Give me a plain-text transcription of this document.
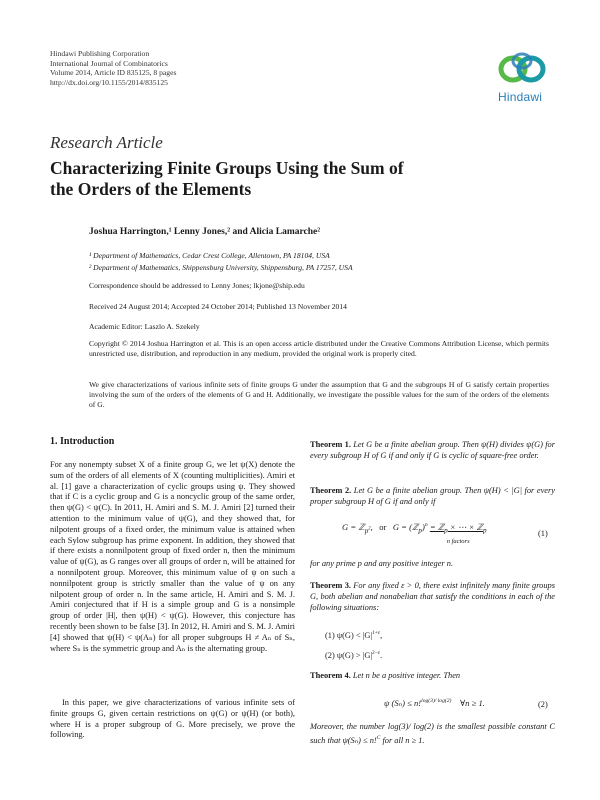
Hindawi Publishing Corporation
International Journal of Combinatorics
Volume 2014, Article ID 835125, 8 pages
http://dx.doi.org/10.1155/2014/835125
Hindawi
Research Article
Characterizing Finite Groups Using the Sum of
the Orders of the Elements
Joshua Harrington,¹ Lenny Jones,² and Alicia Lamarche²
¹ Department of Mathematics, Cedar Crest College, Allentown, PA 18104, USA
² Department of Mathematics, Shippensburg University, Shippensburg, PA 17257, USA
Correspondence should be addressed to Lenny Jones; lkjone@ship.edu
Received 24 August 2014; Accepted 24 October 2014; Published 13 November 2014
Academic Editor: Laszlo A. Szekely
Copyright © 2014 Joshua Harrington et al. This is an open access article distributed under the Creative Commons Attribution License, which permits unrestricted use, distribution, and reproduction in any medium, provided the original work is properly cited.
We give characterizations of various infinite sets of finite groups G under the assumption that G and the subgroups H of G satisfy certain properties involving the sum of the orders of the elements of G and H. Additionally, we investigate the possible values for the sum of the orders of the elements of G.
1. Introduction
For any nonempty subset X of a finite group G, we let ψ(X) denote the sum of the orders of all elements of X (counting multiplicities). Amiri et al. [1] gave a characterization of cyclic groups using ψ. They showed that if C is a cyclic group and G is a noncyclic group of the same order, then ψ(G) < ψ(C). In 2011, H. Amiri and S. M. J. Amiri [2] turned their attention to the minimum value of ψ(G), and they showed that, for nilpotent groups of a fixed order, the minimum value is attained when each Sylow subgroup has prime exponent. In addition, they showed that if there exists a nonnilpotent group of fixed order n, then the minimum value of ψ(G), as G ranges over all groups of order n, will be attained for a nonnilpotent group. Moreover, this minimum value of ψ on such a nonnilpotent group is strictly smaller than the value of ψ on any nilpotent group of order n. In the same article, H. Amiri and S. M. J. Amiri conjectured that if H is a simple group and G is a nonsimple group of order |H|, then ψ(H) < ψ(G). However, this conjecture has recently been shown to be false [3]. In 2012, H. Amiri and S. M. J. Amiri [4] showed that ψ(H) < ψ(Aₙ) for all proper subgroups H ≠ Aₙ of Sₙ, where Sₙ is the symmetric group and Aₙ is the alternating group.
In this paper, we give characterizations of various infinite sets of finite groups G, given certain restrictions on ψ(G) or ψ(H) (or both), where H is a proper subgroup of G. More precisely, we prove the following.
Theorem 1. Let G be a finite abelian group. Then ψ(H) divides ψ(G) for every subgroup H of G if and only if G is cyclic of square-free order.
Theorem 2. Let G be a finite abelian group. Then ψ(H) < |G| for every proper subgroup H of G if and only if
G = ℤ$_{p^2}$,   or G = (ℤ$_p$)$^n$ = ℤ$_p$ × ⋯ × ℤ$_p$
n factors
(1)
for any prime p and any positive integer n.
Theorem 3. For any fixed ε > 0, there exist infinitely many finite groups G, both abelian and nonabelian that satisfy the conditions in each of the following situations:
(1) $\psi(G) < |G|^{1+\varepsilon}$,
(2) $\psi(G) > |G|^{2-\varepsilon}$.
Theorem 4. Let n be a positive integer. Then
ψ (Sₙ) ≤ n!$^{log(3)/ log(2)}$ ∀n ≥ 1.	(2)
Moreover, the number log(3)/ log(2) is the smallest possible constant C such that ψ(Sₙ) ≤ n!$^C$ for all n ≥ 1.
